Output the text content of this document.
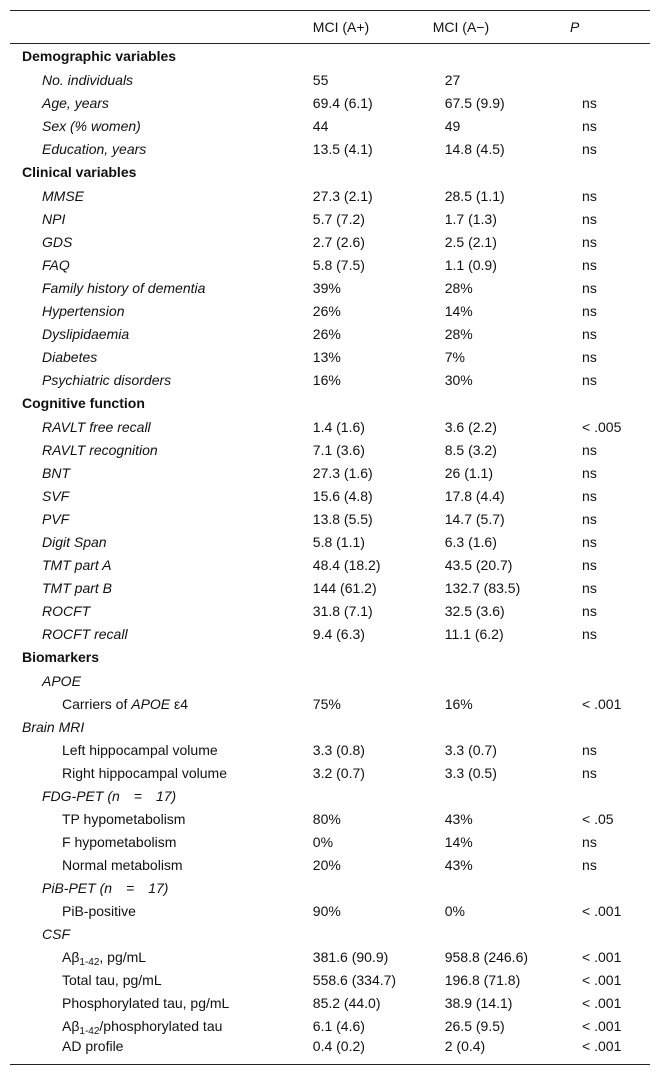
	MCI (A+)	MCI (A−)	P
Demographic variables			
No. individuals	55	27	
Age, years	69.4 (6.1)	67.5 (9.9)	ns
Sex (% women)	44	49	ns
Education, years	13.5 (4.1)	14.8 (4.5)	ns
Clinical variables			
MMSE	27.3 (2.1)	28.5 (1.1)	ns
NPI	5.7 (7.2)	1.7 (1.3)	ns
GDS	2.7 (2.6)	2.5 (2.1)	ns
FAQ	5.8 (7.5)	1.1 (0.9)	ns
Family history of dementia	39%	28%	ns
Hypertension	26%	14%	ns
Dyslipidaemia	26%	28%	ns
Diabetes	13%	7%	ns
Psychiatric disorders	16%	30%	ns
Cognitive function			
RAVLT free recall	1.4 (1.6)	3.6 (2.2)	< .005
RAVLT recognition	7.1 (3.6)	8.5 (3.2)	ns
BNT	27.3 (1.6)	26 (1.1)	ns
SVF	15.6 (4.8)	17.8 (4.4)	ns
PVF	13.8 (5.5)	14.7 (5.7)	ns
Digit Span	5.8 (1.1)	6.3 (1.6)	ns
TMT part A	48.4 (18.2)	43.5 (20.7)	ns
TMT part B	144 (61.2)	132.7 (83.5)	ns
ROCFT	31.8 (7.1)	32.5 (3.6)	ns
ROCFT recall	9.4 (6.3)	11.1 (6.2)	ns
Biomarkers			
APOE			
Carriers of APOE ε4	75%	16%	< .001
Brain MRI			
Left hippocampal volume	3.3 (0.8)	3.3 (0.7)	ns
Right hippocampal volume	3.2 (0.7)	3.3 (0.5)	ns
FDG-PET (n = 17)			
TP hypometabolism	80%	43%	< .05
F hypometabolism	0%	14%	ns
Normal metabolism	20%	43%	ns
PiB-PET (n = 17)			
PiB-positive	90%	0%	< .001
CSF			
$A\beta_{1-42}$, pg/mL	381.6 (90.9)	958.8 (246.6)	< .001
Total tau, pg/mL	558.6 (334.7)	196.8 (71.8)	< .001
Phosphorylated tau, pg/mL	85.2 (44.0)	38.9 (14.1)	< .001
$A\beta_{1-42}$/phosphorylated tau	6.1 (4.6)	26.5 (9.5)	< .001
AD profile	0.4 (0.2)	2 (0.4)	< .001
